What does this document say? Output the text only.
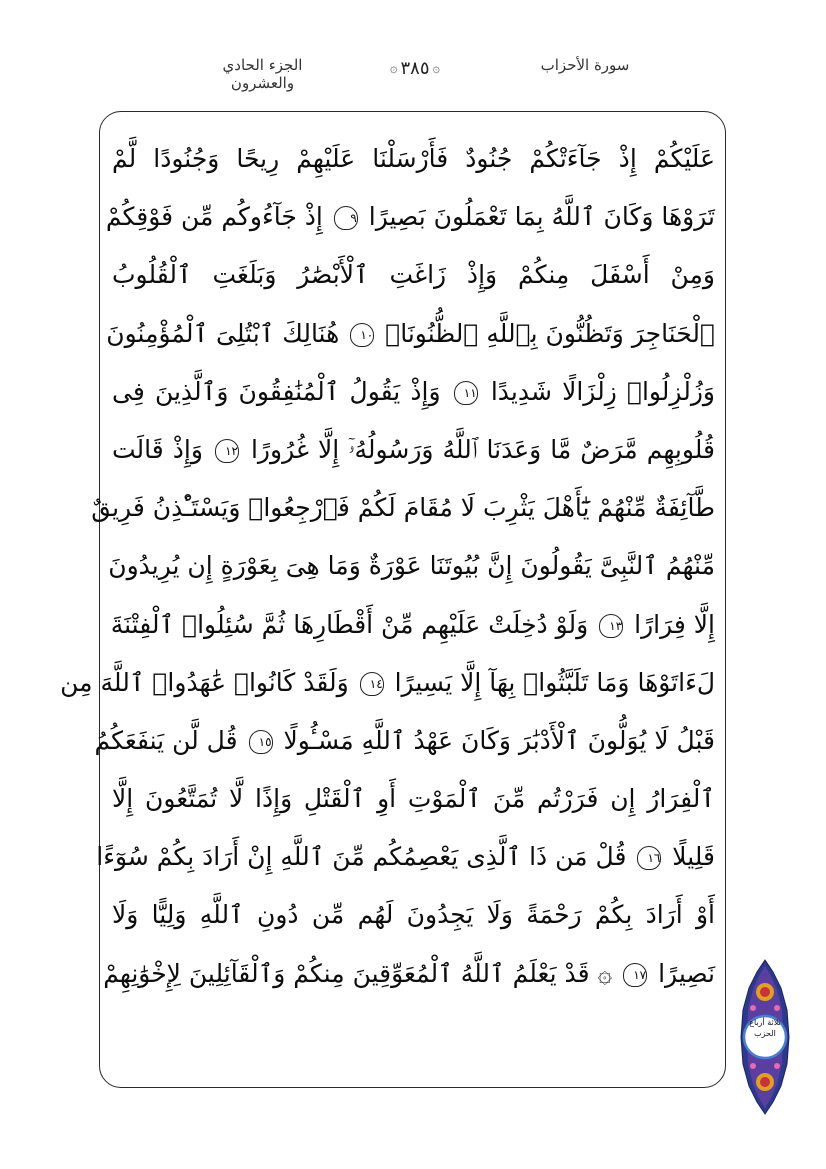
الجزء الحادي والعشرون
۞ ٣٨٥ ۞	سورة الأحزاب
عَلَيْكُمْ إِذْ جَآءَتْكُمْ جُنُودٌ فَأَرْسَلْنَا عَلَيْهِمْ رِيحًا وَجُنُودًا لَّمْ
تَرَوْهَا وَكَانَ ٱللَّهُ بِمَا تَعْمَلُونَ بَصِيرًا ٩ إِذْ جَآءُوكُم مِّن فَوْقِكُمْ
وَمِنْ أَسْفَلَ مِنكُمْ وَإِذْ زَاغَتِ ٱلْأَبْصَٰرُ وَبَلَغَتِ ٱلْقُلُوبُ
ٱلْحَنَاجِرَ وَتَظُنُّونَ بِٱللَّهِ ٱلظُّنُونَا۠ ١٠ هُنَالِكَ ٱبْتُلِىَ ٱلْمُؤْمِنُونَ
وَزُلْزِلُوا۟ زِلْزَالًا شَدِيدًا ١١ وَإِذْ يَقُولُ ٱلْمُنَٰفِقُونَ وَٱلَّذِينَ فِى
قُلُوبِهِم مَّرَضٌ مَّا وَعَدَنَا ٱللَّهُ وَرَسُولُهُۥٓ إِلَّا غُرُورًا ١٢ وَإِذْ قَالَت
طَّآئِفَةٌ مِّنْهُمْ يَٰٓأَهْلَ يَثْرِبَ لَا مُقَامَ لَكُمْ فَٱرْجِعُوا۟ وَيَسْتَـْٔذِنُ فَرِيقٌ
مِّنْهُمُ ٱلنَّبِىَّ يَقُولُونَ إِنَّ بُيُوتَنَا عَوْرَةٌ وَمَا هِىَ بِعَوْرَةٍ إِن يُرِيدُونَ
إِلَّا فِرَارًا ١٣ وَلَوْ دُخِلَتْ عَلَيْهِم مِّنْ أَقْطَارِهَا ثُمَّ سُئِلُوا۟ ٱلْفِتْنَةَ
لَءَاتَوْهَا وَمَا تَلَبَّثُوا۟ بِهَآ إِلَّا يَسِيرًا ١٤ وَلَقَدْ كَانُوا۟ عَٰهَدُوا۟ ٱللَّهَ مِن
قَبْلُ لَا يُوَلُّونَ ٱلْأَدْبَٰرَ وَكَانَ عَهْدُ ٱللَّهِ مَسْـُٔولًا ١٥ قُل لَّن يَنفَعَكُمُ
ٱلْفِرَارُ إِن فَرَرْتُم مِّنَ ٱلْمَوْتِ أَوِ ٱلْقَتْلِ وَإِذًا لَّا تُمَتَّعُونَ إِلَّا
قَلِيلًا ١٦ قُلْ مَن ذَا ٱلَّذِى يَعْصِمُكُم مِّنَ ٱللَّهِ إِنْ أَرَادَ بِكُمْ سُوٓءًا
أَوْ أَرَادَ بِكُمْ رَحْمَةً وَلَا يَجِدُونَ لَهُم مِّن دُونِ ٱللَّهِ وَلِيًّا وَلَا
نَصِيرًا ١٧ ۞ قَدْ يَعْلَمُ ٱللَّهُ ٱلْمُعَوِّقِينَ مِنكُمْ وَٱلْقَآئِلِينَ لِإِخْوَٰنِهِمْ
ثلاثة أرباع
الحزب
